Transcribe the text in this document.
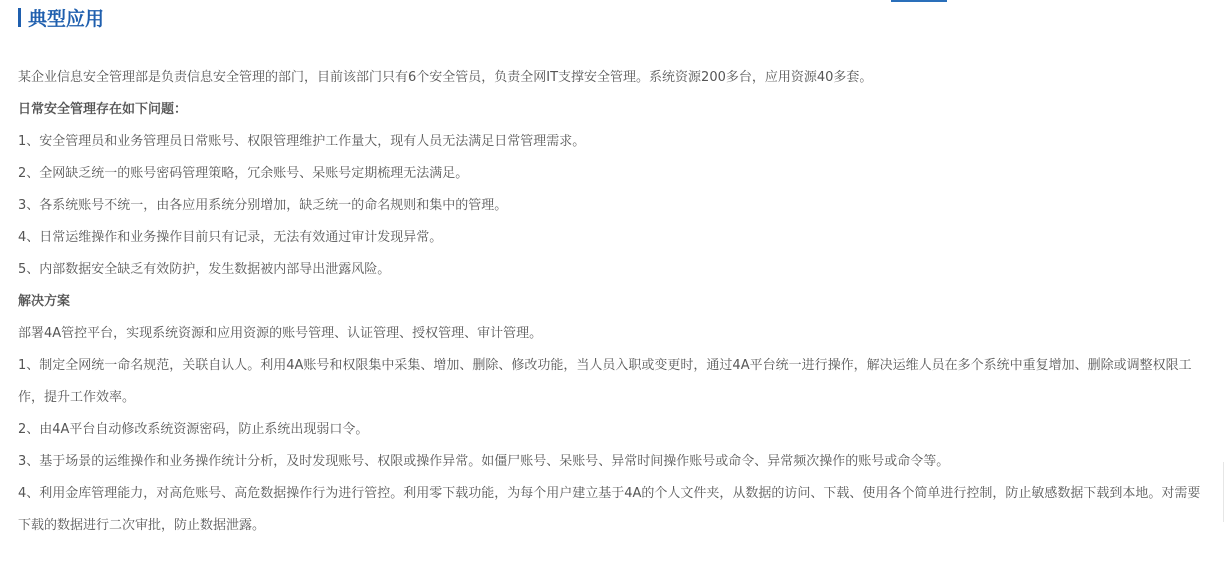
典型应用

某企业信息安全管理部是负责信息安全管理的部门，目前该部门只有6个安全管员，负责全网IT支撑安全管理。系统资源200多台，应用资源40多套。

日常安全管理存在如下问题：

1、安全管理员和业务管理员日常账号、权限管理维护工作量大，现有人员无法满足日常管理需求。

2、全网缺乏统一的账号密码管理策略，冗余账号、呆账号定期梳理无法满足。

3、各系统账号不统一，由各应用系统分别增加，缺乏统一的命名规则和集中的管理。

4、日常运维操作和业务操作目前只有记录，无法有效通过审计发现异常。

5、内部数据安全缺乏有效防护，发生数据被内部导出泄露风险。

解决方案

部署4A管控平台，实现系统资源和应用资源的账号管理、认证管理、授权管理、审计管理。

1、制定全网统一命名规范，关联自认人。利用4A账号和权限集中采集、增加、删除、修改功能，当人员入职或变更时，通过4A平台统一进行操作，解决运维人员在多个系统中重复增加、删除或调整权限工作，提升工作效率。

2、由4A平台自动修改系统资源密码，防止系统出现弱口令。

3、基于场景的运维操作和业务操作统计分析，及时发现账号、权限或操作异常。如僵尸账号、呆账号、异常时间操作账号或命令、异常频次操作的账号或命令等。

4、利用金库管理能力，对高危账号、高危数据操作行为进行管控。利用零下载功能，为每个用户建立基于4A的个人文件夹，从数据的访问、下载、使用各个简单进行控制，防止敏感数据下载到本地。对需要下载的数据进行二次审批，防止数据泄露。
